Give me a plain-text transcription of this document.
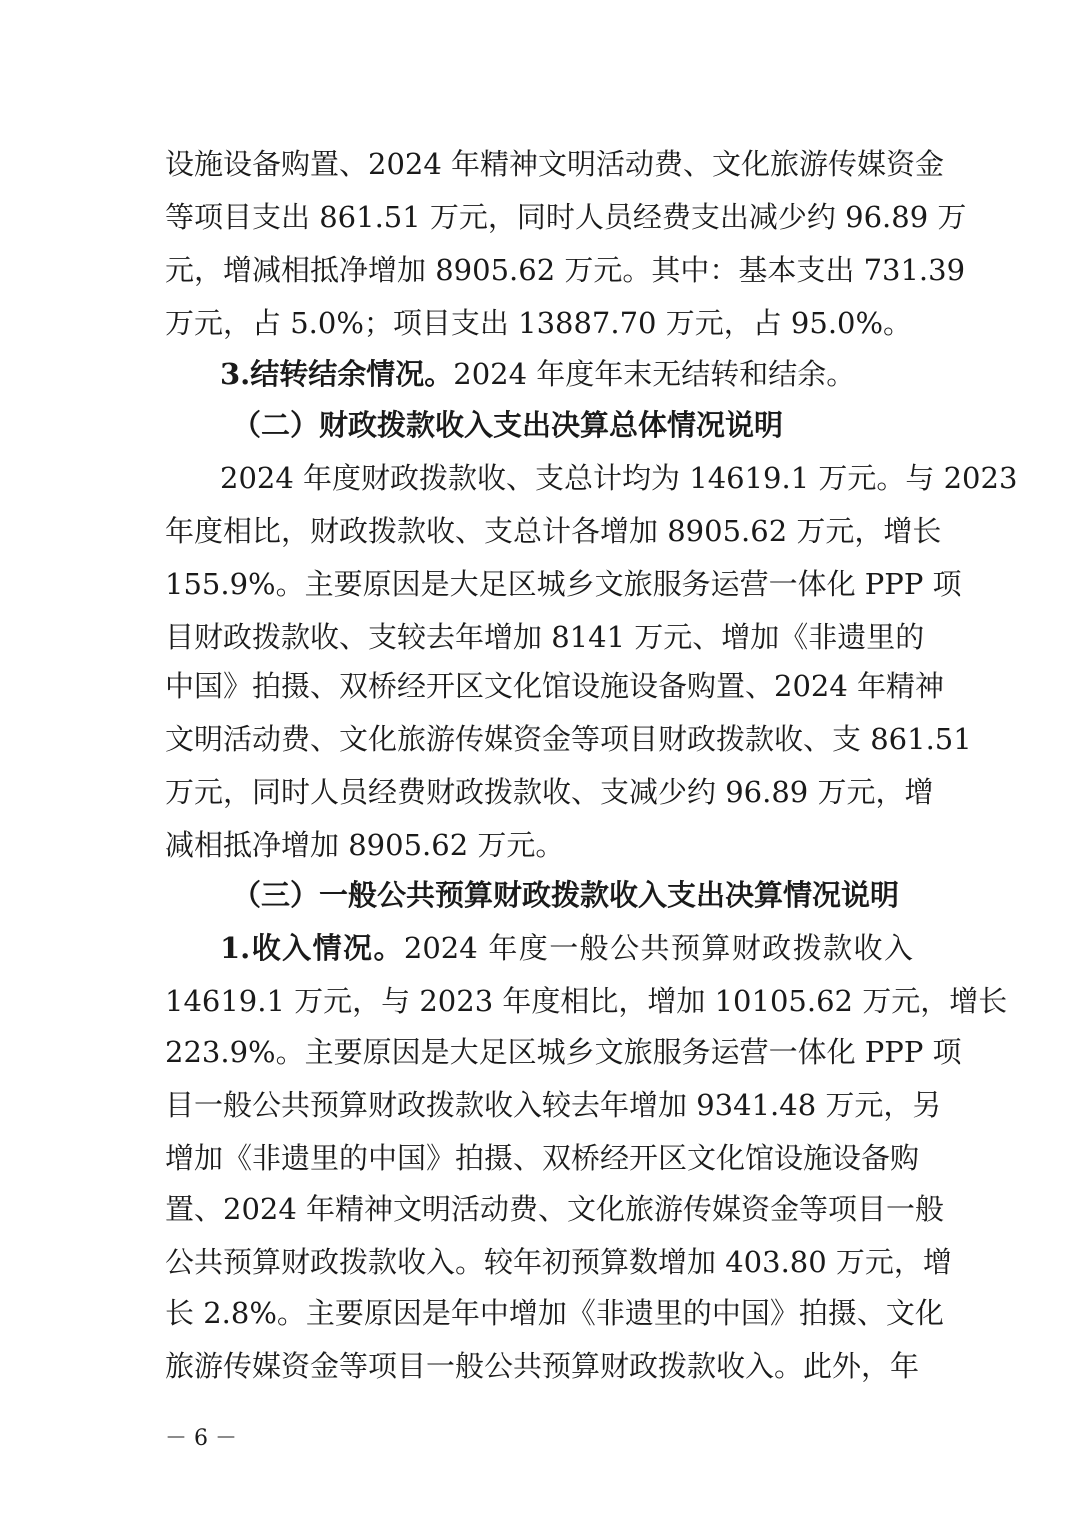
设施设备购置、2024 年精神文明活动费、文化旅游传媒资金
等项目支出 861.51 万元，同时人员经费支出减少约 96.89 万
元，增减相抵净增加 8905.62 万元。其中：基本支出 731.39
万元，占 5.0%；项目支出 13887.70 万元，占 95.0%。
3.结转结余情况。2024 年度年末无结转和结余。
（二）财政拨款收入支出决算总体情况说明
2024 年度财政拨款收、支总计均为 14619.1 万元。与 2023
年度相比，财政拨款收、支总计各增加 8905.62 万元，增长
155.9%。主要原因是大足区城乡文旅服务运营一体化 PPP 项
目财政拨款收、支较去年增加 8141 万元、增加《非遗里的
中国》拍摄、双桥经开区文化馆设施设备购置、2024 年精神
文明活动费、文化旅游传媒资金等项目财政拨款收、支 861.51
万元，同时人员经费财政拨款收、支减少约 96.89 万元，增
减相抵净增加 8905.62 万元。
（三）一般公共预算财政拨款收入支出决算情况说明
1.收入情况。2024 年度一般公共预算财政拨款收入
14619.1 万元，与 2023 年度相比，增加 10105.62 万元，增长
223.9%。主要原因是大足区城乡文旅服务运营一体化 PPP 项
目一般公共预算财政拨款收入较去年增加 9341.48 万元，另
增加《非遗里的中国》拍摄、双桥经开区文化馆设施设备购
置、2024 年精神文明活动费、文化旅游传媒资金等项目一般
公共预算财政拨款收入。较年初预算数增加 403.80 万元，增
长 2.8%。主要原因是年中增加《非遗里的中国》拍摄、文化
旅游传媒资金等项目一般公共预算财政拨款收入。此外，年
－ 6 －
